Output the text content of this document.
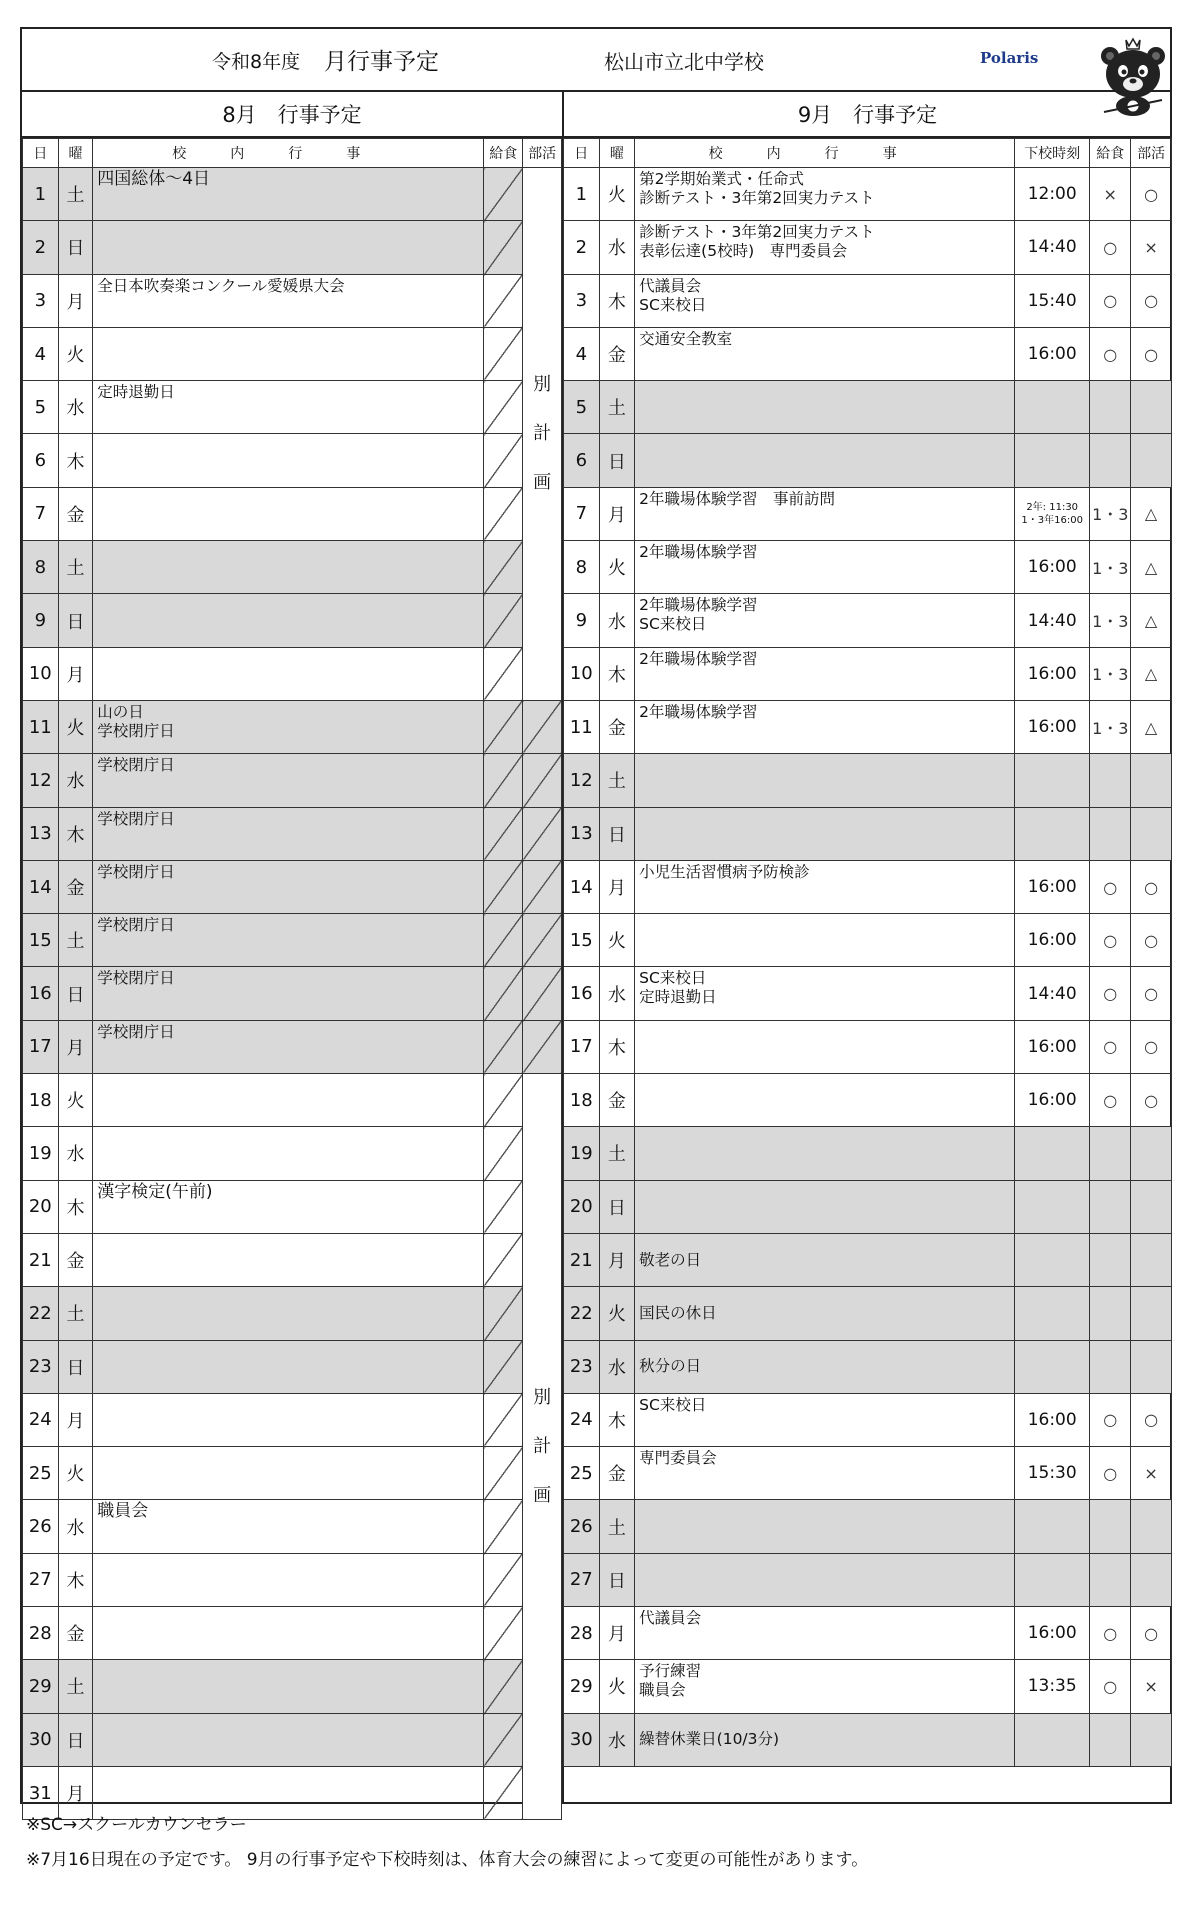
令和8年度 月行事予定	松山市立北中学校	Polaris
8月　行事予定
日	曜	校内行事	給食	部活
1	土	四国総体～4日		別
計
画
2	日			
3	月	全日本吹奏楽コンクール愛媛県大会		
4	火			
5	水	定時退勤日		
6	木			
7	金			
8	土			
9	日			
10	月			
11	火	山の日
学校閉庁日		
12	水	学校閉庁日		
13	木	学校閉庁日		
14	金	学校閉庁日		
15	土	学校閉庁日		
16	日	学校閉庁日		
17	月	学校閉庁日		
18	火			別
計
画
19	水			
20	木	漢字検定(午前)		
21	金			
22	土			
23	日			
24	月			
25	火			
26	水	職員会		
27	木			
28	金			
29	土			
30	日			
31	月			
9月　行事予定
日	曜	校内行事	下校時刻	給食	部活
1	火	第2学期始業式・任命式
診断テスト・3年第2回実力テスト	12:00	×	○
2	水	診断テスト・3年第2回実力テスト
表彰伝達(5校時)　専門委員会	14:40	○	×
3	木	代議員会
SC来校日	15:40	○	○
4	金	交通安全教室	16:00	○	○
5	土				
6	日				
7	月	2年職場体験学習　事前訪問	2年: 11:30
1・3年16:00	1・3	△
8	火	2年職場体験学習	16:00	1・3	△
9	水	2年職場体験学習
SC来校日	14:40	1・3	△
10	木	2年職場体験学習	16:00	1・3	△
11	金	2年職場体験学習	16:00	1・3	△
12	土				
13	日				
14	月	小児生活習慣病予防検診	16:00	○	○
15	火		16:00	○	○
16	水	SC来校日
定時退勤日	14:40	○	○
17	木		16:00	○	○
18	金		16:00	○	○
19	土				
20	日				
21	月	敬老の日			
22	火	国民の休日			
23	水	秋分の日			
24	木	SC来校日	16:00	○	○
25	金	専門委員会	15:30	○	×
26	土				
27	日				
28	月	代議員会	16:00	○	○
29	火	予行練習
職員会	13:35	○	×
30	水	繰替休業日(10/3分)			

※SC→スクールカウンセラー
※7月16日現在の予定です。 9月の行事予定や下校時刻は、体育大会の練習によって変更の可能性があります。
